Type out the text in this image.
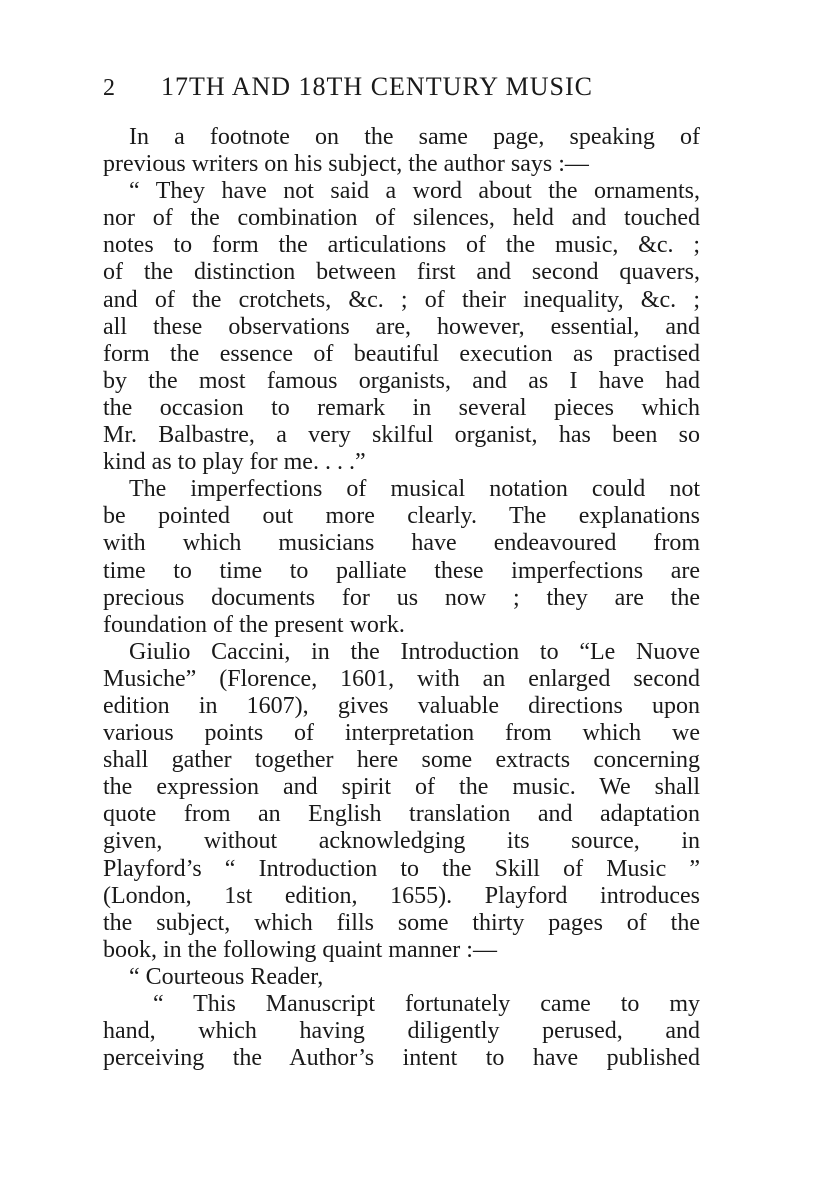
2	17TH AND 18TH CENTURY MUSIC
In a footnote on the same page, speaking of
previous writers on his subject, the author says :—
“ They have not said a word about the ornaments,
nor of the combination of silences, held and touched
notes to form the articulations of the music, &c. ;
of the distinction between first and second quavers,
and of the crotchets, &c. ; of their inequality, &c. ;
all these observations are, however, essential, and
form the essence of beautiful execution as practised
by the most famous organists, and as I have had
the occasion to remark in several pieces which
Mr. Balbastre, a very skilful organist, has been so
kind as to play for me. . . .”
The imperfections of musical notation could not
be pointed out more clearly. The explanations
with which musicians have endeavoured from
time to time to palliate these imperfections are
precious documents for us now ; they are the
foundation of the present work.
Giulio Caccini, in the Introduction to “Le Nuove
Musiche” (Florence, 1601, with an enlarged second
edition in 1607), gives valuable directions upon
various points of interpretation from which we
shall gather together here some extracts concerning
the expression and spirit of the music. We shall
quote from an English translation and adaptation
given, without acknowledging its source, in
Playford’s “ Introduction to the Skill of Music ”
(London, 1st edition, 1655). Playford introduces
the subject, which fills some thirty pages of the
book, in the following quaint manner :—
“ Courteous Reader,
“ This Manuscript fortunately came to my
hand, which having diligently perused, and
perceiving the Author’s intent to have published
